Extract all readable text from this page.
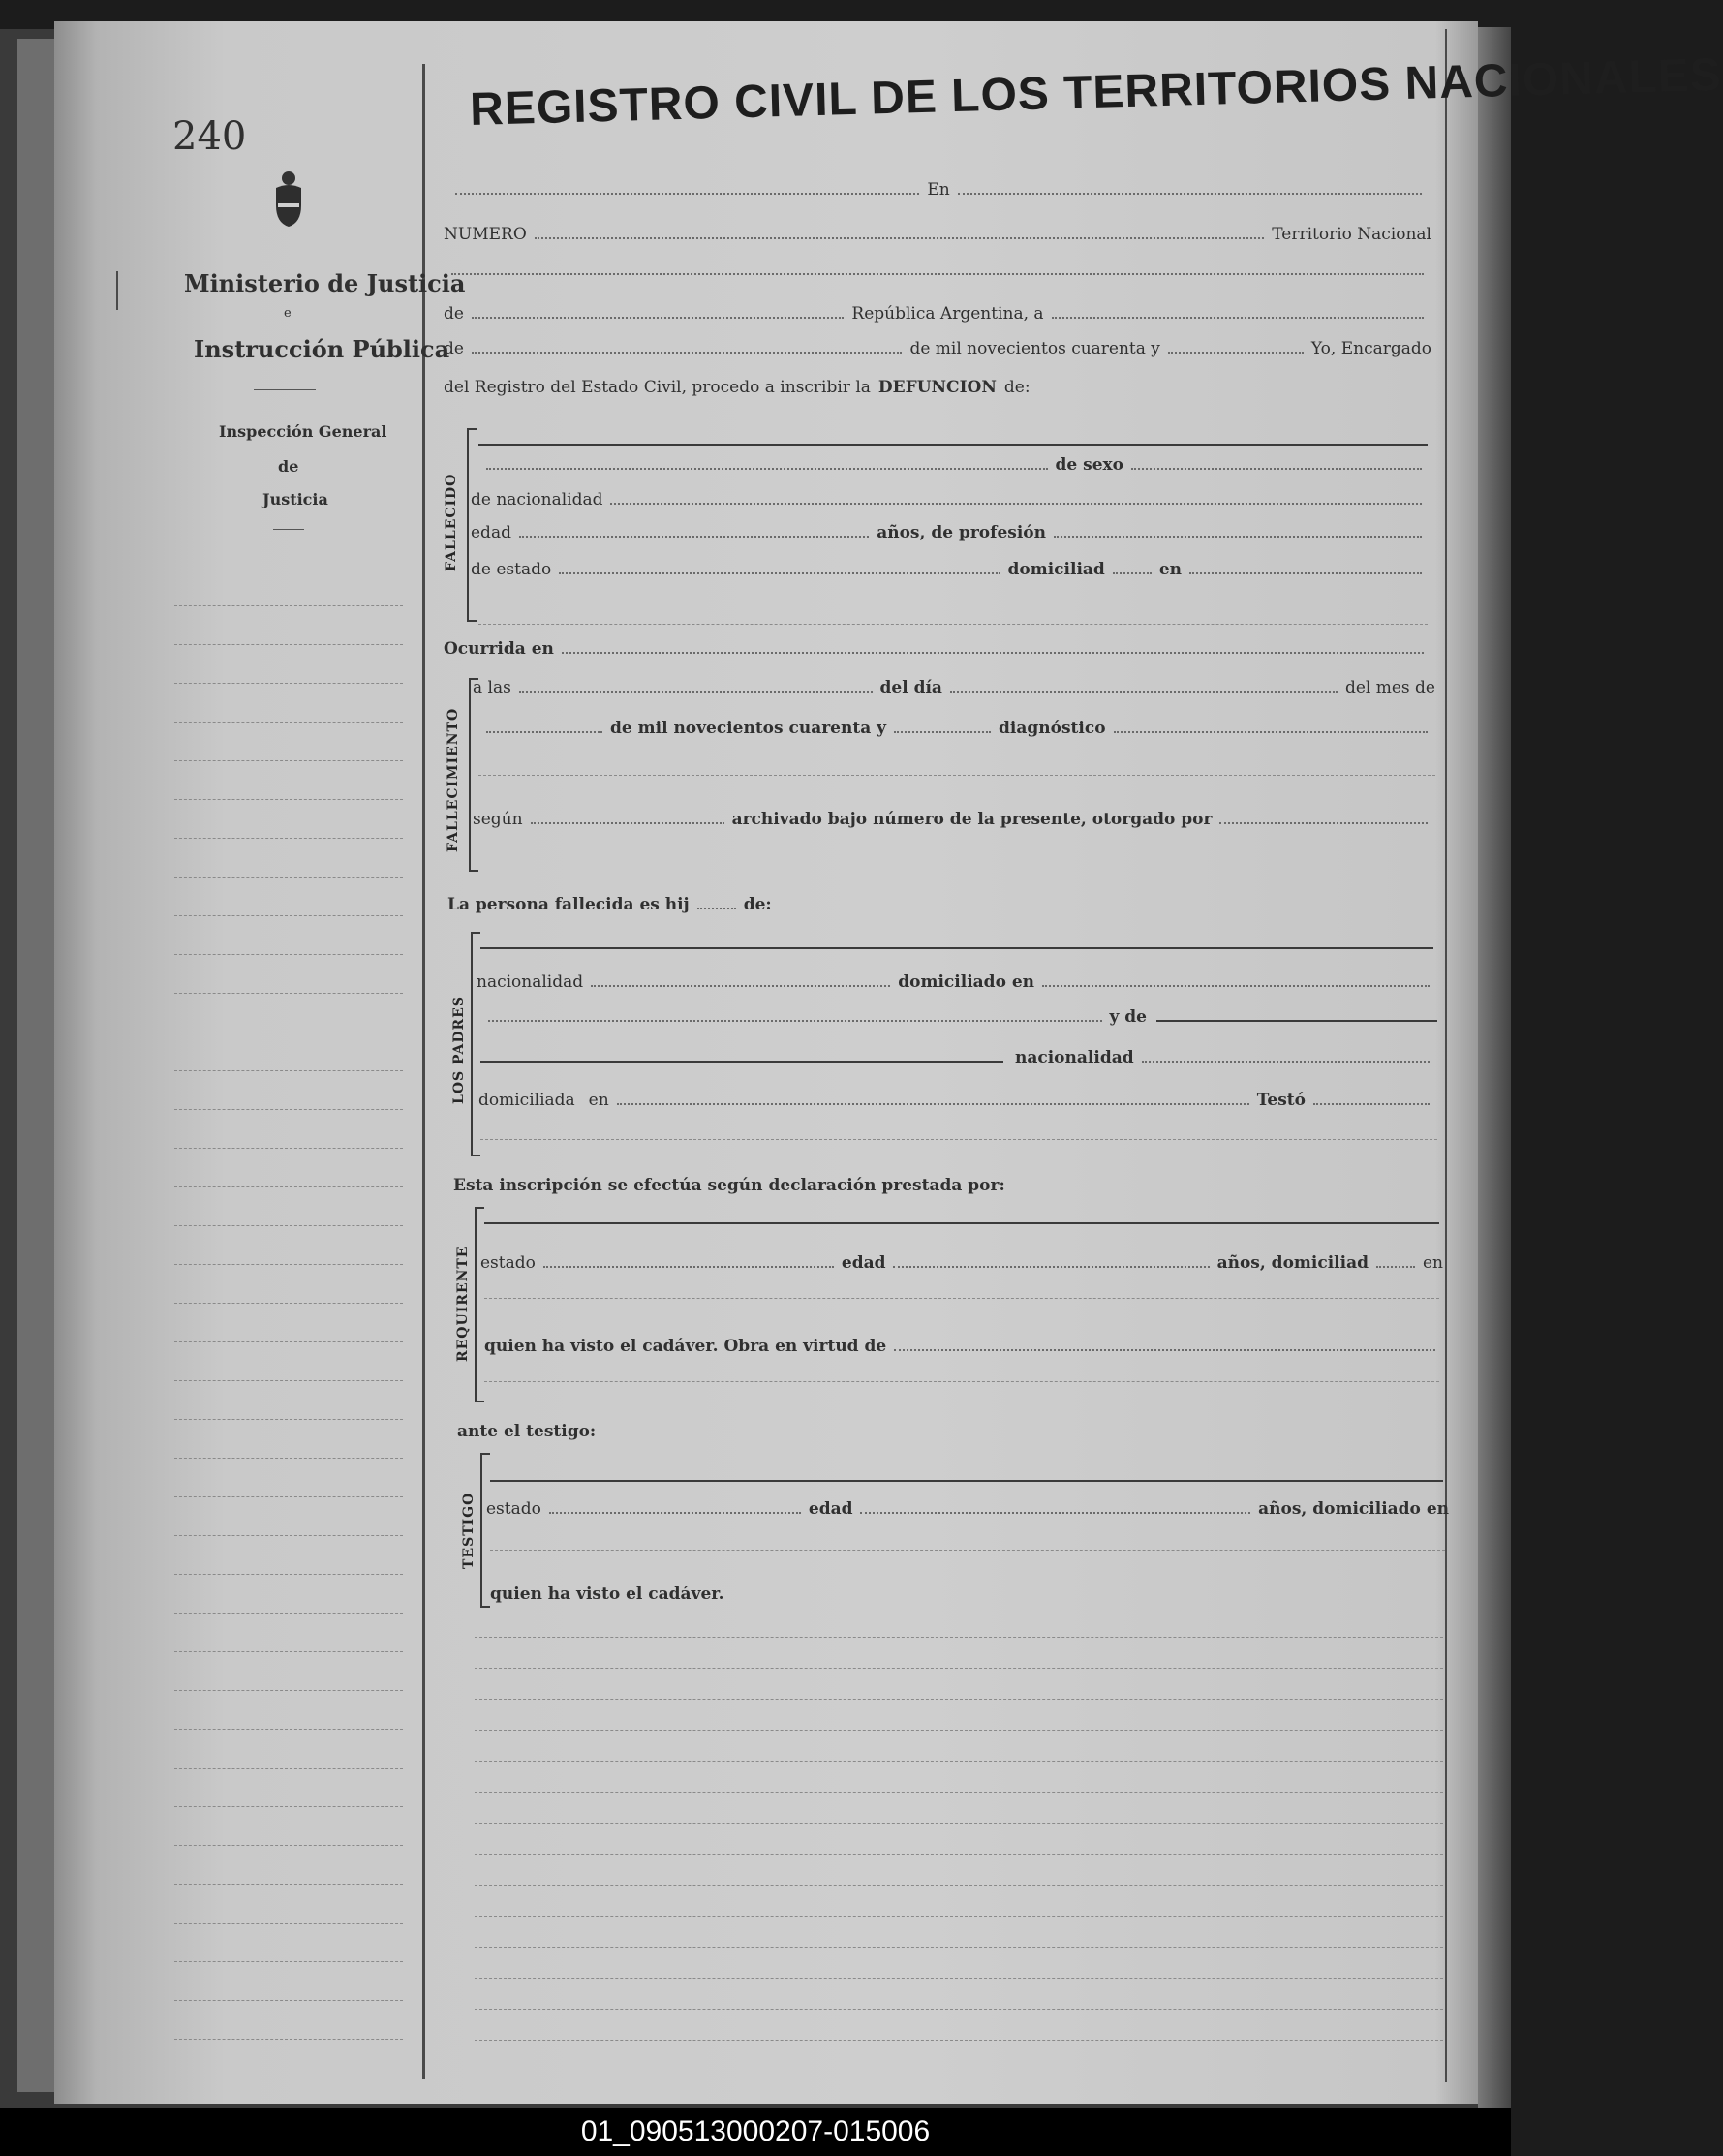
240
Ministerio de Justicia
e
Instrucción Pública
Inspección General
de
Justicia
REGISTRO CIVIL DE LOS TERRITORIOS NACIONALES
En
NUMERO	Territorio Nacional
de	República Argentina, a
de	de mil novecientos cuarenta y	Yo, Encargado
del Registro del Estado Civil, procedo a inscribir la DEFUNCION de:
FALLECIDO
de sexo
de nacionalidad
edad	años, de profesión
de estado	domiciliad	en
Ocurrida en
FALLECIMIENTO
a las	del día	del mes de
de mil novecientos cuarenta y	diagnóstico
según	archivado bajo número de la presente, otorgado por
La persona fallecida es hij	de:
LOS PADRES
nacionalidad	domiciliado en
y de
nacionalidad
domiciliada en	Testó
Esta inscripción se efectúa según declaración prestada por:
REQUIRENTE estado	edad	años, domiciliad	en
quien ha visto el cadáver. Obra en virtud de
ante el testigo:
TESTIGO estado	edad	años, domiciliado en
quien ha visto el cadáver.
01_090513000207-015006
